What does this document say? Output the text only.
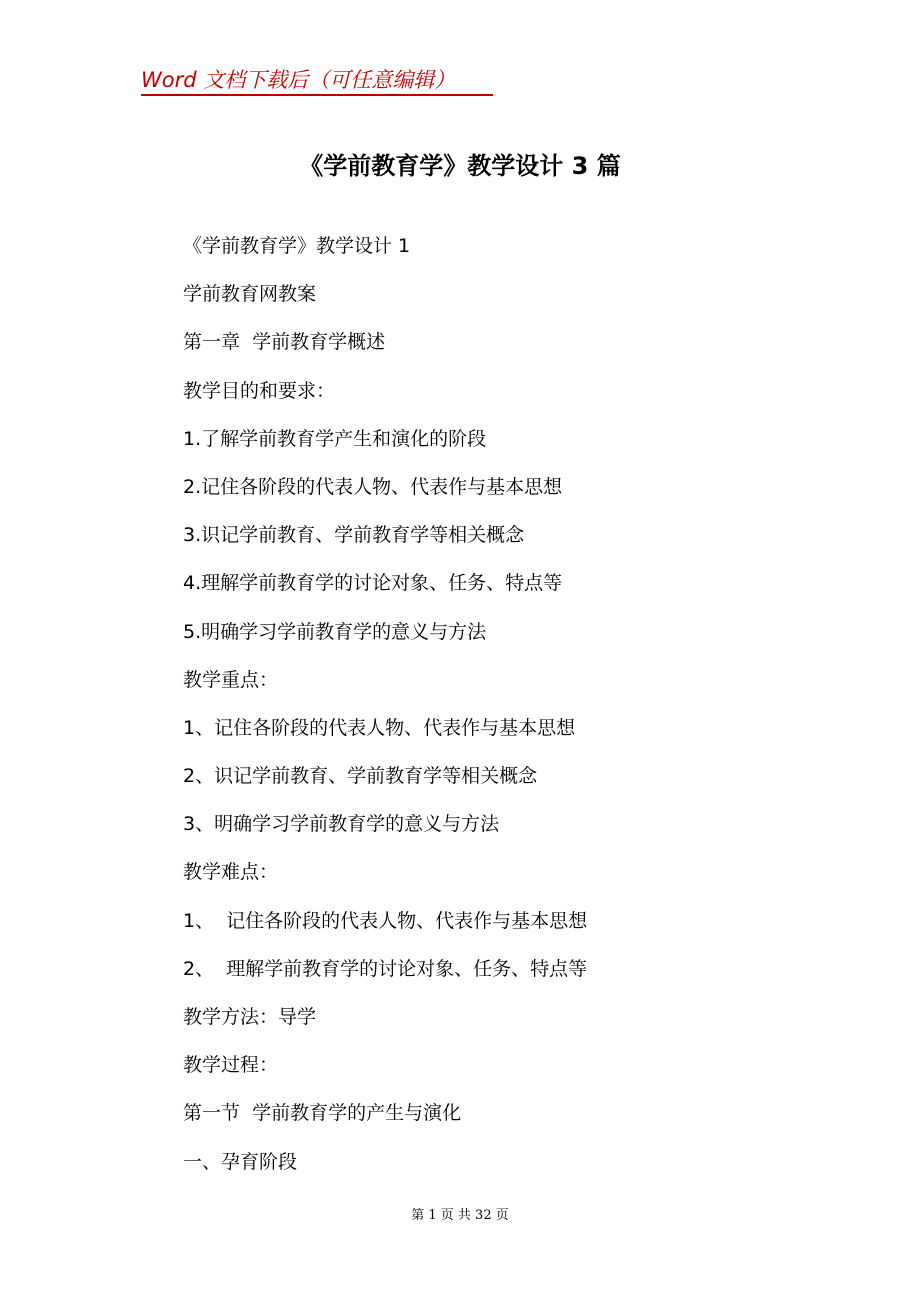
Word 文档下载后（可任意编辑）
《学前教育学》教学设计 3 篇
《学前教育学》教学设计 1
学前教育网教案
第一章  学前教育学概述
教学目的和要求：
1.了解学前教育学产生和演化的阶段
2.记住各阶段的代表人物、代表作与基本思想
3.识记学前教育、学前教育学等相关概念
4.理解学前教育学的讨论对象、任务、特点等
5.明确学习学前教育学的意义与方法
教学重点：
1、记住各阶段的代表人物、代表作与基本思想
2、识记学前教育、学前教育学等相关概念
3、明确学习学前教育学的意义与方法
教学难点：
1、  记住各阶段的代表人物、代表作与基本思想
2、  理解学前教育学的讨论对象、任务、特点等
教学方法：导学
教学过程：
第一节  学前教育学的产生与演化
一、孕育阶段
第 1 页 共 32 页
